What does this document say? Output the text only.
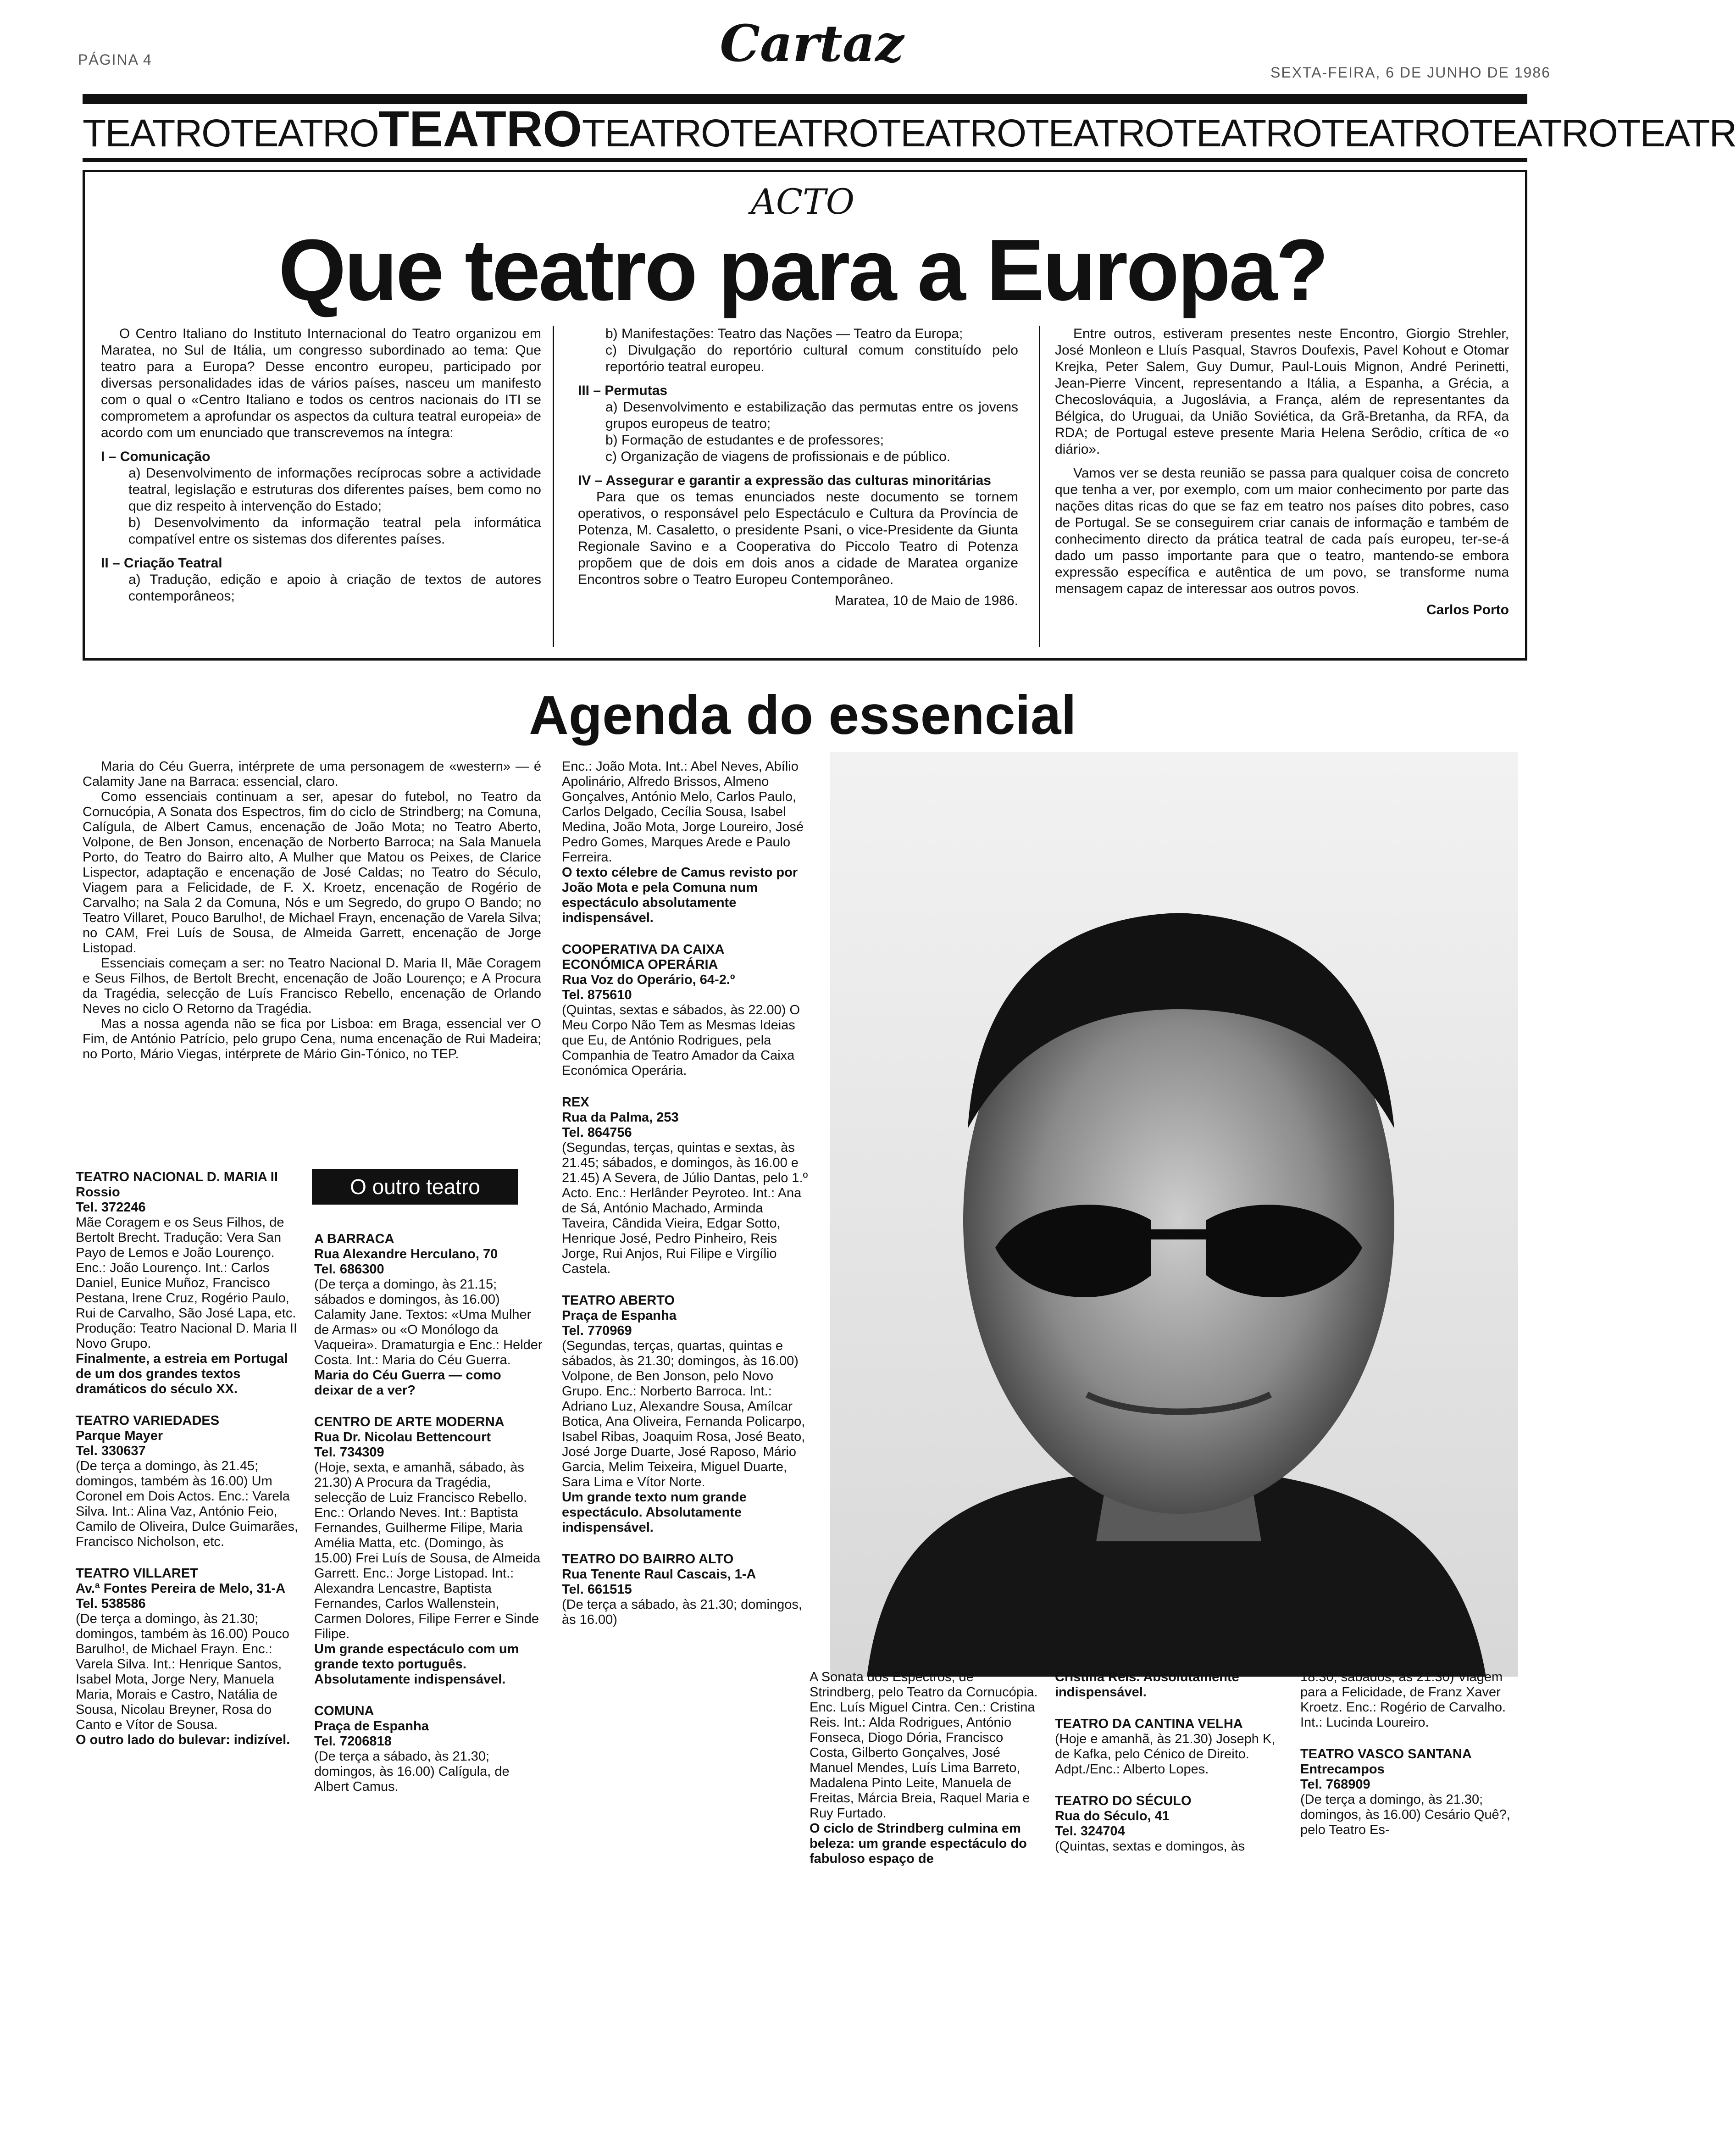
PÁGINA 4	Cartaz	SEXTA-FEIRA, 6 DE JUNHO DE 1986
TEATROTEATROTEATROTEATROTEATROTEATROTEATROTEATROTEATROTEATROTEATR
ACTO
Que teatro para a Europa?

O Centro Italiano do Instituto Internacional do Teatro organizou em Maratea, no Sul de Itália, um congresso subordinado ao tema: Que teatro para a Europa? Desse encontro europeu, participado por diversas personalidades idas de vários países, nasceu um manifesto com o qual o «Centro Italiano e todos os centros nacionais do ITI se comprometem a aprofundar os aspectos da cultura teatral europeia» de acordo com um enunciado que transcrevemos na íntegra:

I – Comunicação
a) Desenvolvimento de informações recíprocas sobre a actividade teatral, legislação e estruturas dos diferentes países, bem como no que diz respeito à intervenção do Estado;
b) Desenvolvimento da informação teatral pela informática compatível entre os sistemas dos diferentes países.
II – Criação Teatral
a) Tradução, edição e apoio à criação de textos de autores contemporâneos;
b) Manifestações: Teatro das Nações — Teatro da Europa;
c) Divulgação do reportório cultural comum constituído pelo reportório teatral europeu.
III – Permutas
a) Desenvolvimento e estabilização das permutas entre os jovens grupos europeus de teatro;
b) Formação de estudantes e de professores;
c) Organização de viagens de profissionais e de público.
IV – Assegurar e garantir a expressão das culturas minoritárias

Para que os temas enunciados neste documento se tornem operativos, o responsável pelo Espectáculo e Cultura da Província de Potenza, M. Casaletto, o presidente Psani, o vice-Presidente da Giunta Regionale Savino e a Cooperativa do Piccolo Teatro di Potenza propõem que de dois em dois anos a cidade de Maratea organize Encontros sobre o Teatro Europeu Contemporâneo.

Maratea, 10 de Maio de 1986.

Entre outros, estiveram presentes neste Encontro, Giorgio Strehler, José Monleon e Lluís Pasqual, Stavros Doufexis, Pavel Kohout e Otomar Krejka, Peter Salem, Guy Dumur, Paul-Louis Mignon, André Perinetti, Jean-Pierre Vincent, representando a Itália, a Espanha, a Grécia, a Checoslováquia, a Jugoslávia, a França, além de representantes da Bélgica, do Uruguai, da União Soviética, da Grã-Bretanha, da RFA, da RDA; de Portugal esteve presente Maria Helena Serôdio, crítica de «o diário».

Vamos ver se desta reunião se passa para qualquer coisa de concreto que tenha a ver, por exemplo, com um maior conhecimento por parte das nações ditas ricas do que se faz em teatro nos países dito pobres, caso de Portugal. Se se conseguirem criar canais de informação e também de conhecimento directo da prática teatral de cada país europeu, ter-se-á dado um passo importante para que o teatro, mantendo-se embora expressão específica e autêntica de um povo, se transforme numa mensagem capaz de interessar aos outros povos.

Carlos Porto
Agenda do essencial

Maria do Céu Guerra, intérprete de uma personagem de «western» — é Calamity Jane na Barraca: essencial, claro.

Como essenciais continuam a ser, apesar do futebol, no Teatro da Cornucópia, A Sonata dos Espectros, fim do ciclo de Strindberg; na Comuna, Calígula, de Albert Camus, encenação de João Mota; no Teatro Aberto, Volpone, de Ben Jonson, encenação de Norberto Barroca; na Sala Manuela Porto, do Teatro do Bairro alto, A Mulher que Matou os Peixes, de Clarice Lispector, adaptação e encenação de José Caldas; no Teatro do Século, Viagem para a Felicidade, de F. X. Kroetz, encenação de Rogério de Carvalho; na Sala 2 da Comuna, Nós e um Segredo, do grupo O Bando; no Teatro Villaret, Pouco Barulho!, de Michael Frayn, encenação de Varela Silva; no CAM, Frei Luís de Sousa, de Almeida Garrett, encenação de Jorge Listopad.

Essenciais começam a ser: no Teatro Nacional D. Maria II, Mãe Coragem e Seus Filhos, de Bertolt Brecht, encenação de João Lourenço; e A Procura da Tragédia, selecção de Luís Francisco Rebello, encenação de Orlando Neves no ciclo O Retorno da Tragédia.

Mas a nossa agenda não se fica por Lisboa: em Braga, essencial ver O Fim, de António Patrício, pelo grupo Cena, numa encenação de Rui Madeira; no Porto, Mário Viegas, intérprete de Mário Gin-Tónico, no TEP.

TEATRO NACIONAL D. MARIA II
Rossio
Tel. 372246
Mãe Coragem e os Seus Filhos, de Bertolt Brecht. Tradução: Vera San Payo de Lemos e João Lourenço. Enc.: João Lourenço. Int.: Carlos Daniel, Eunice Muñoz, Francisco Pestana, Irene Cruz, Rogério Paulo, Rui de Carvalho, São José Lapa, etc. Produção: Teatro Nacional D. Maria II Novo Grupo.
Finalmente, a estreia em Portugal de um dos grandes textos dramáticos do século XX.
TEATRO VARIEDADES
Parque Mayer
Tel. 330637
(De terça a domingo, às 21.45; domingos, também às 16.00) Um Coronel em Dois Actos. Enc.: Varela Silva. Int.: Alina Vaz, António Feio, Camilo de Oliveira, Dulce Guimarães, Francisco Nicholson, etc.
TEATRO VILLARET
Av.ª Fontes Pereira de Melo, 31-A
Tel. 538586
(De terça a domingo, às 21.30; domingos, também às 16.00) Pouco Barulho!, de Michael Frayn. Enc.: Varela Silva. Int.: Henrique Santos, Isabel Mota, Jorge Nery, Manuela Maria, Morais e Castro, Natália de Sousa, Nicolau Breyner, Rosa do Canto e Vítor de Sousa.
O outro lado do bulevar: indizível.
O outro teatro
A BARRACA
Rua Alexandre Herculano, 70
Tel. 686300
(De terça a domingo, às 21.15; sábados e domingos, às 16.00) Calamity Jane. Textos: «Uma Mulher de Armas» ou «O Monólogo da Vaqueira». Dramaturgia e Enc.: Helder Costa. Int.: Maria do Céu Guerra.
Maria do Céu Guerra — como deixar de a ver?
CENTRO DE ARTE MODERNA
Rua Dr. Nicolau Bettencourt
Tel. 734309
(Hoje, sexta, e amanhã, sábado, às 21.30) A Procura da Tragédia, selecção de Luiz Francisco Rebello. Enc.: Orlando Neves. Int.: Baptista Fernandes, Guilherme Filipe, Maria Amélia Matta, etc. (Domingo, às 15.00) Frei Luís de Sousa, de Almeida Garrett. Enc.: Jorge Listopad. Int.: Alexandra Lencastre, Baptista Fernandes, Carlos Wallenstein, Carmen Dolores, Filipe Ferrer e Sinde Filipe.
Um grande espectáculo com um grande texto português. Absolutamente indispensável.
COMUNA
Praça de Espanha
Tel. 7206818
(De terça a sábado, às 21.30; domingos, às 16.00) Calígula, de Albert Camus.
Enc.: João Mota. Int.: Abel Neves, Abílio Apolinário, Alfredo Brissos, Almeno Gonçalves, António Melo, Carlos Paulo, Carlos Delgado, Cecília Sousa, Isabel Medina, João Mota, Jorge Loureiro, José Pedro Gomes, Marques Arede e Paulo Ferreira.
O texto célebre de Camus revisto por João Mota e pela Comuna num espectáculo absolutamente indispensável.
COOPERATIVA DA CAIXA ECONÓMICA OPERÁRIA
Rua Voz do Operário, 64-2.º
Tel. 875610
(Quintas, sextas e sábados, às 22.00) O Meu Corpo Não Tem as Mesmas Ideias que Eu, de António Rodrigues, pela Companhia de Teatro Amador da Caixa Económica Operária.
REX
Rua da Palma, 253
Tel. 864756
(Segundas, terças, quintas e sextas, às 21.45; sábados, e domingos, às 16.00 e 21.45) A Severa, de Júlio Dantas, pelo 1.º Acto. Enc.: Herlânder Peyroteo. Int.: Ana de Sá, António Machado, Arminda Taveira, Cândida Vieira, Edgar Sotto, Henrique José, Pedro Pinheiro, Reis Jorge, Rui Anjos, Rui Filipe e Virgílio Castela.
TEATRO ABERTO
Praça de Espanha
Tel. 770969
(Segundas, terças, quartas, quintas e sábados, às 21.30; domingos, às 16.00) Volpone, de Ben Jonson, pelo Novo Grupo. Enc.: Norberto Barroca. Int.: Adriano Luz, Alexandre Sousa, Amílcar Botica, Ana Oliveira, Fernanda Policarpo, Isabel Ribas, Joaquim Rosa, José Beato, José Jorge Duarte, José Raposo, Mário Garcia, Melim Teixeira, Miguel Duarte, Sara Lima e Vítor Norte.
Um grande texto num grande espectáculo. Absolutamente indispensável.
TEATRO DO BAIRRO ALTO
Rua Tenente Raul Cascais, 1-A
Tel. 661515
(De terça a sábado, às 21.30; domingos, às 16.00)
A Sonata dos Espectros, de Strindberg, pelo Teatro da Cornucópia. Enc. Luís Miguel Cintra. Cen.: Cristina Reis. Int.: Alda Rodrigues, António Fonseca, Diogo Dória, Francisco Costa, Gilberto Gonçalves, José Manuel Mendes, Luís Lima Barreto, Madalena Pinto Leite, Manuela de Freitas, Márcia Breia, Raquel Maria e Ruy Furtado.
O ciclo de Strindberg culmina em beleza: um grande espectáculo do fabuloso espaço de
Cristina Reis. Absolutamente indispensável.
TEATRO DA CANTINA VELHA
(Hoje e amanhã, às 21.30) Joseph K, de Kafka, pelo Cénico de Direito. Adpt./Enc.: Alberto Lopes.
TEATRO DO SÉCULO
Rua do Século, 41
Tel. 324704
(Quintas, sextas e domingos, às
18.30; sábados, às 21.30) Viagem para a Felicidade, de Franz Xaver Kroetz. Enc.: Rogério de Carvalho. Int.: Lucinda Loureiro.
TEATRO VASCO SANTANA
Entrecampos
Tel. 768909
(De terça a domingo, às 21.30; domingos, às 16.00) Cesário Quê?, pelo Teatro Es-
